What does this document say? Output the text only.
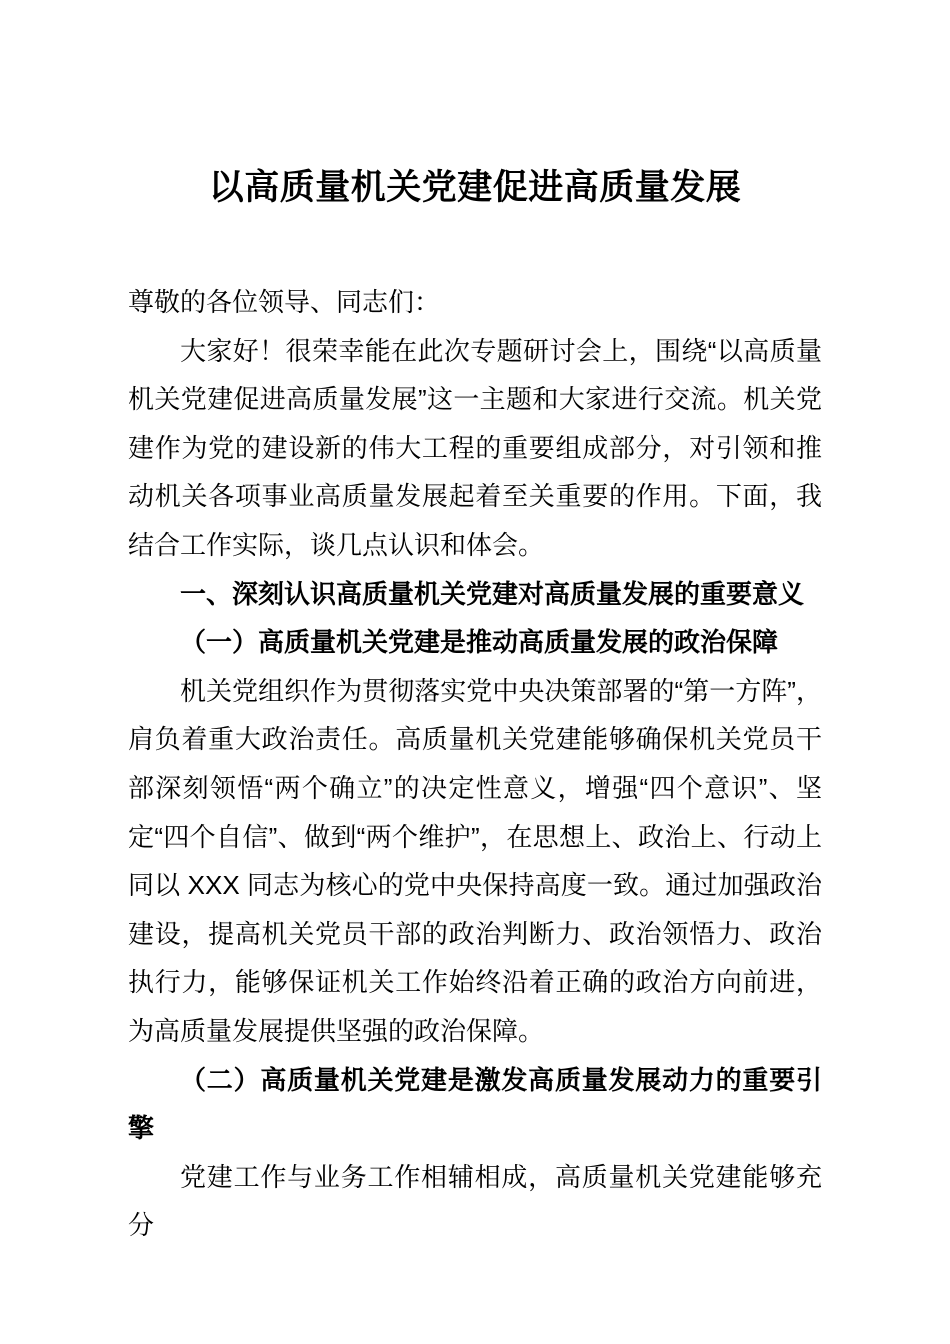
以高质量机关党建促进高质量发展

尊敬的各位领导、同志们：

大家好！很荣幸能在此次专题研讨会上，围绕“以高质量机关党建促进高质量发展”这一主题和大家进行交流。机关党建作为党的建设新的伟大工程的重要组成部分，对引领和推动机关各项事业高质量发展起着至关重要的作用。下面，我结合工作实际，谈几点认识和体会。

一、深刻认识高质量机关党建对高质量发展的重要意义

（一）高质量机关党建是推动高质量发展的政治保障

机关党组织作为贯彻落实党中央决策部署的“第一方阵”，肩负着重大政治责任。高质量机关党建能够确保机关党员干部深刻领悟“两个确立”的决定性意义，增强“四个意识”、坚定“四个自信”、做到“两个维护”，在思想上、政治上、行动上同以 XXX 同志为核心的党中央保持高度一致。通过加强政治建设，提高机关党员干部的政治判断力、政治领悟力、政治执行力，能够保证机关工作始终沿着正确的政治方向前进，为高质量发展提供坚强的政治保障。

（二）高质量机关党建是激发高质量发展动力的重要引擎

党建工作与业务工作相辅相成，高质量机关党建能够充分
